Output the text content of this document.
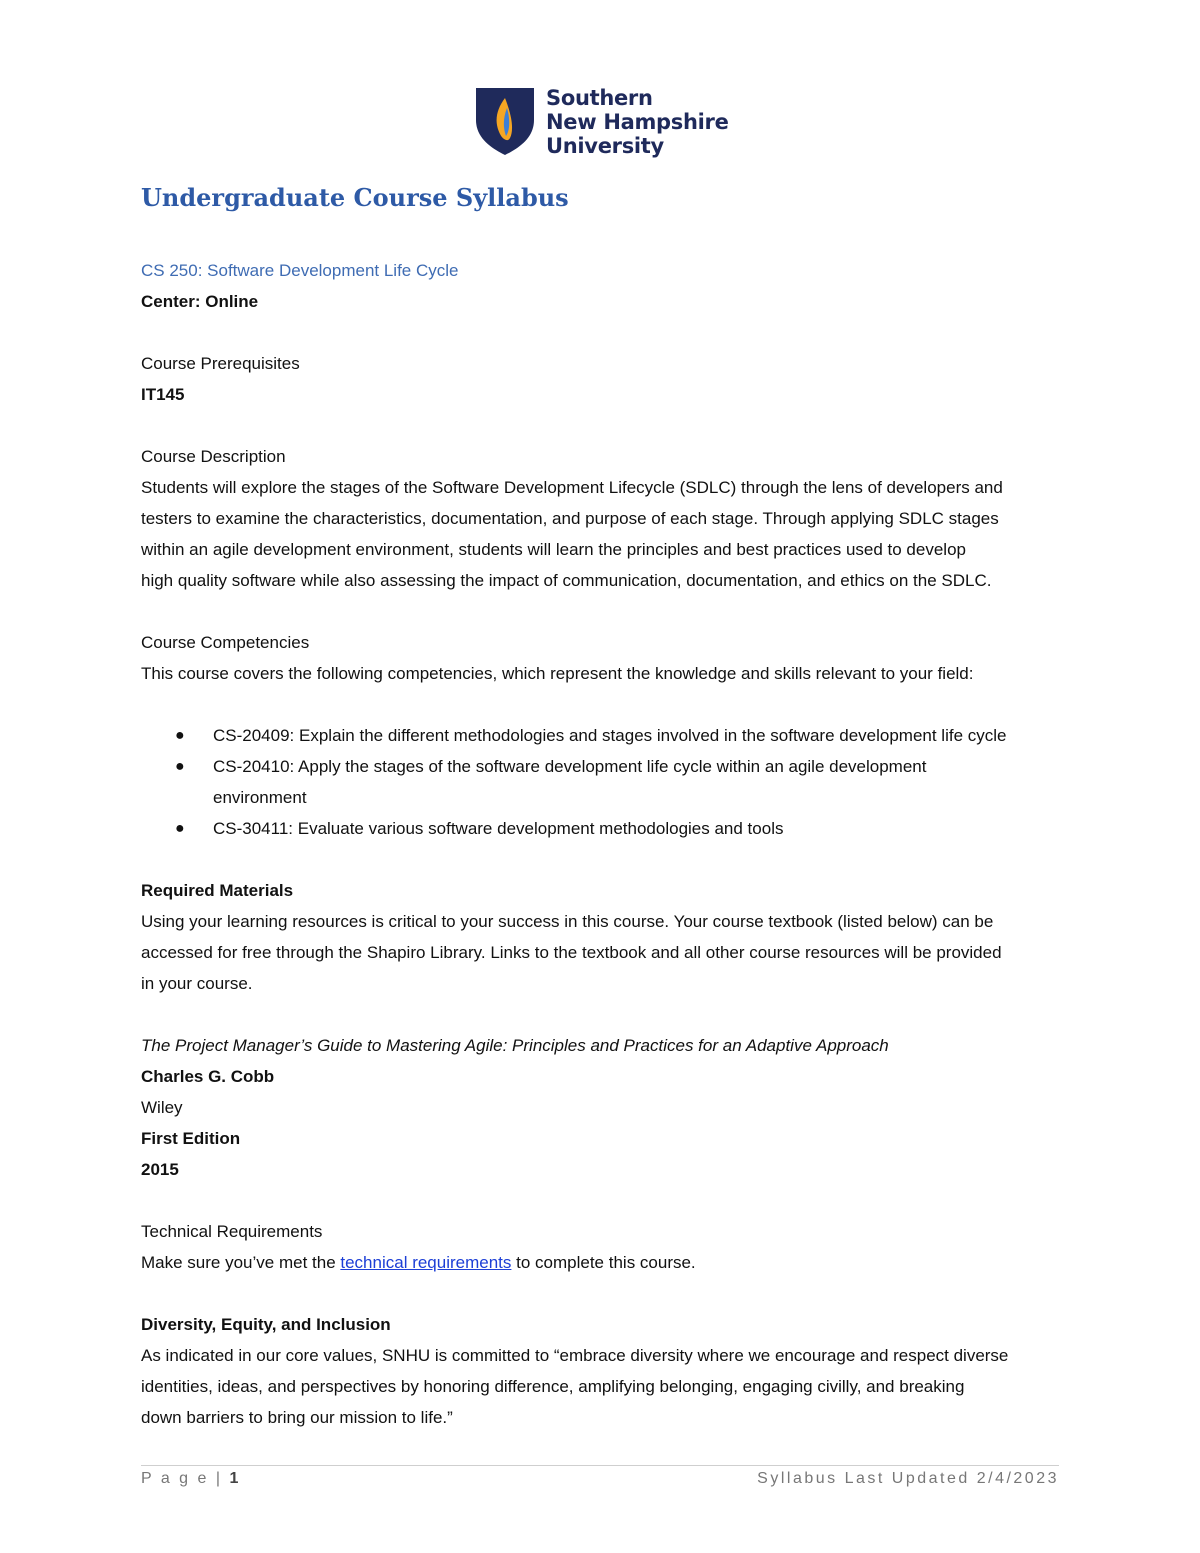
Southern
New Hampshire
University
Undergraduate Course Syllabus

CS 250: Software Development Life Cycle

Center: Online

Course Prerequisites

IT145

Course Description

Students will explore the stages of the Software Development Lifecycle (SDLC) through the lens of developers and

testers to examine the characteristics, documentation, and purpose of each stage. Through applying SDLC stages

within an agile development environment, students will learn the principles and best practices used to develop

high quality software while also assessing the impact of communication, documentation, and ethics on the SDLC.

Course Competencies

This course covers the following competencies, which represent the knowledge and skills relevant to your field:

● CS-20409: Explain the different methodologies and stages involved in the software development life cycle
● CS-20410: Apply the stages of the software development life cycle within an agile development
environment
● CS-30411: Evaluate various software development methodologies and tools

Required Materials

Using your learning resources is critical to your success in this course. Your course textbook (listed below) can be

accessed for free through the Shapiro Library. Links to the textbook and all other course resources will be provided

in your course.

The Project Manager’s Guide to Mastering Agile: Principles and Practices for an Adaptive Approach

Charles G. Cobb

Wiley

First Edition

2015

Technical Requirements

Make sure you’ve met the technical requirements to complete this course.

Diversity, Equity, and Inclusion

As indicated in our core values, SNHU is committed to “embrace diversity where we encourage and respect diverse

identities, ideas, and perspectives by honoring difference, amplifying belonging, engaging civilly, and breaking

down barriers to bring our mission to life.”

P a g e | 1	Syllabus Last Updated 2/4/2023
